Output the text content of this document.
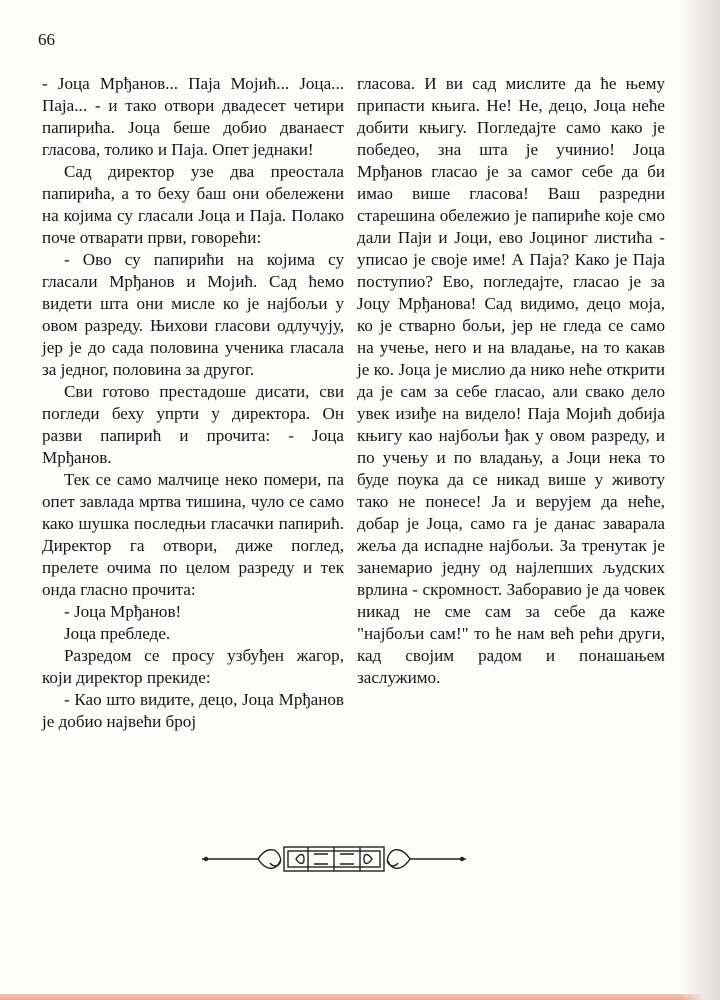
66

- Јоца Мрђанов... Паја Мојић... Јоца... Паја... - и тако отвори двадесет четири папирића. Јоца беше добио дванаест гласова, толико и Паја. Опет једнаки!

Сад директор узе два преостала папирића, а то беху баш они обележени на којима су гласали Јоца и Паја. Полако поче отварати први, говорећи:

- Ово су папирићи на којима су гласали Мрђанов и Мојић. Сад ћемо видети шта они мисле ко је најбољи у овом разреду. Њихови гласови одлучују, јер је до сада половина ученика гласала за једног, половина за другог.

Сви готово престадоше дисати, сви погледи беху упрти у директора. Он разви папирић и прочита: - Јоца Мрђанов.

Тек се само малчице неко помери, па опет завлада мртва тишина, чуло се само како шушка последњи гласачки папирић. Директор га отвори, диже поглед, прелете очима по целом разреду и тек онда гласно прочита:

- Јоца Мрђанов!

Јоца пребледе.

Разредом се просу узбуђен жагор, који директор прекиде:

- Као што видите, децо, Јоца Мрђанов је добио највећи број

гласова. И ви сад мислите да ће њему припасти књига. Не! Не, децо, Јоца неће добити књигу. Погледајте само како је победео, зна шта је учинио! Јоца Мрђанов гласао је за самог себе да би имао више гласова! Ваш разредни старешина обележио је папириће које смо дали Паји и Јоци, ево Јоциног листића - уписао је своје име! А Паја? Како је Паја поступио? Ево, погледајте, гласао је за Јоцу Мрђанова! Сад видимо, децо моја, ко је стварно бољи, јер не гледа се само на учење, него и на владање, на то какав је ко. Јоца је мислио да нико неће открити да је сам за себе гласао, али свако дело увек изиђе на видело! Паја Мојић добија књигу као најбољи ђак у овом разреду, и по учењу и по владању, а Јоци нека то буде поука да се никад више у животу тако не понесе! Ја и верујем да неће, добар је Јоца, само га је данас заварала жеља да испадне најбољи. За тренутак је занемарио једну од најлепших људских врлина - скромност. Заборавио је да човек никад не сме сам за себе да каже "најбољи сам!" то ће нам већ рећи други, кад својим радом и понашањем заслужимо.
